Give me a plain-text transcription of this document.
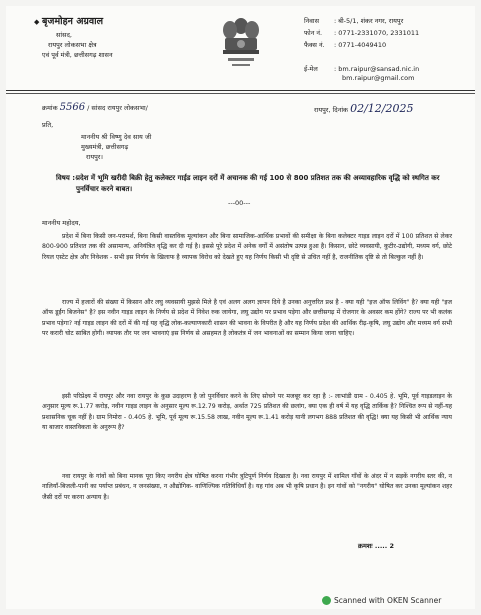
◆ बृजमोहन अग्रवाल
सांसद,
रायपुर लोकसभा क्षेत्र
एवं पूर्व मंत्री, छत्तीसगढ़ शासन
निवास : बी-5/1, शंकर नगर, रायपुर
फोन नं. : 0771-2331070, 2331011
फैक्स नं. : 0771-4049410
ई-मेल : bm.raipur@sansad.nic.in
bm.raipur@gmail.com
क्रमांक 5566 / सांसद रायपुर लोकसभा/	रायपुर, दिनांक 02/12/2025
प्रति,
माननीय श्री विष्णु देव साय जी
मुख्यमंत्री, छत्तीसगढ़
रायपुर।
विषय :-
प्रदेश में भूमि खरीदी बिक्री हेतु कलेक्टर गाईड लाइन दरों में अचानक की गई 100 से 800 प्रतिशत तक की अव्यावहारिक वृद्धि को स्थगित कर पुनर्विचार करने बाबत।
---00---
माननीय महोदय,
प्रदेश में बिना किसी जन-परामर्श, बिना किसी वास्तविक मूल्यांकन और बिना सामाजिक-आर्थिक प्रभावों की समीक्षा के बिना कलेक्टर गाइड लाइन दरों में 100 प्रतिशत से लेकर 800-900 प्रतिशत तक की असामान्य, अनियंत्रित वृद्धि कर दी गई है। इससे पूरे प्रदेश में अनेक वर्गों में असंतोष उत्पन्न हुआ है। किसान, छोटे व्यवसायी, कुटीर-उद्योगी, मध्यम वर्ग, छोटे रियल एस्टेट क्षेत्र और निवेशक - सभी इस निर्णय के खिलाफ है व्यापक विरोध को देखते हुए यह निर्णय किसी भी दृष्टि से उचित नहीं है, राजनीतिक दृष्टि से तो बिल्कुल नहीं है।
राज्य में हजारों की संख्या में किसान और लघु व्यवसायी मुझसे मिले है एवं अलग अलग ज्ञापन दिये है उनका अनुत्तरित प्रश्न है - क्या यही "इज ऑफ लिविंग" है? क्या यही "इज ऑफ डूईंग बिजनेस" है? इस नवीन गाइड लाइन के निर्णय से प्रदेश में निवेश रुक जायेगा, लघु उद्योग पर प्रभाव पड़ेगा और छत्तीसगढ़ में रोजगार के अवसर कम होंगे? राज्य पर भी कलंक प्रभाव पड़ेगा? नई गाइड लाइन की दरों में की गई यह वृद्धि लोक-कल्याणकारी शासन की भावना के विपरीत है और यह निर्णय प्रदेश की आर्थिक रीढ़-कृषि, लघु उद्योग और मध्यम वर्ग सभी पर करारी चोट साबित होगी। व्यापक तौर पर जन भावनाएं इस निर्णय से असहमत है लोकतंत्र में जन भावनाओं का सम्मान किया जाना चाहिए।
इसी परिप्रेक्ष्य में रायपुर और नवा रायपुर के कुछ उदाहरण है जो पुनर्विचार करने के लिए सोचने पर मजबूर कर रहा है :- लाभांडी ग्राम - 0.405 हे. भूमि, पूर्व गाइडलाइन के अनुसार मूल्य रू.1.77 करोड़, नवीन गाइड लाइन के अनुसार मूल्य रू.12.79 करोड़, अर्थात 725 प्रतिशत की छलांग, क्या एक ही वर्ष में यह वृद्धि तार्किक है? निश्चित रूप से नहीं-यह प्रशासनिक चूक नहीं है। ग्राम निमोरा - 0.405 हे. भूमि, पूर्व मूल्य रू.15.58 लाख, नवीन मूल्य रू.1.41 करोड़ यानी लगभग 888 प्रतिशत की वृद्धि! क्या यह किसी भी आर्थिक न्याय या बाजार वास्तविकता के अनुरूप है?
नवा रायपुर के गांवों को बिना मानक पूरा किए नगरीय क्षेत्र घोषित करना गंभीर त्रुटिपूर्ण निर्णय दिखाता है। नवा रायपुर में शामिल गाँवों के अंदर में न सड़कें नगरीय स्तर की, न नालियाँ-बिजली-पानी का पर्याप्त प्रबंधन, न जनसंख्या, न औद्योगिक- वाणिज्यिक गतिविधियाँ है। यह गांव अब भी कृषि प्रधान है। इन गांवों को "नगरीय" घोषित कर उनका मूल्यांकन शहर जैसी दरों पर करना अन्याय है।
क्रमशः ..... 2
Scanned with OKEN Scanner
